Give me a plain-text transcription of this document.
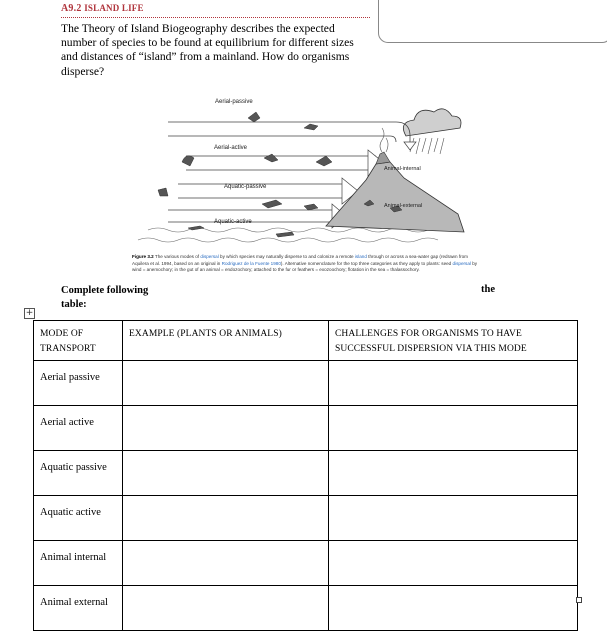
A9.2 ISLAND LIFE
The Theory of Island Biogeography describes the expected number of species to be found at equilibrium for different sizes and distances of “island” from a mainland. How do organisms disperse?
Aerial-passive
Aerial-active
Aquatic-passive
Aquatic-active
Animal-internal
Animal-external
Figure 3.2 The various modes of dispersal by which species may naturally disperse to and colonize a remote island through or across a sea-water gap (redrawn from Aquilera et al. 1994, based on an original in Rodriguez de la Fuente 1980). Alternative nomenclature for the top three categories as they apply to plants: seed dispersal by wind = anemochory; in the gut of an animal = endozochory; attached to the fur or feathers = exozoochory; flotation in the sea = thalassochory.
Complete following table:
the
+
MODE OF TRANSPORT	EXAMPLE (PLANTS OR ANIMALS)	CHALLENGES FOR ORGANISMS TO HAVE SUCCESSFUL DISPERSION VIA THIS MODE
Aerial passive		
Aerial active		
Aquatic passive		
Aquatic active		
Animal internal		
Animal external		
